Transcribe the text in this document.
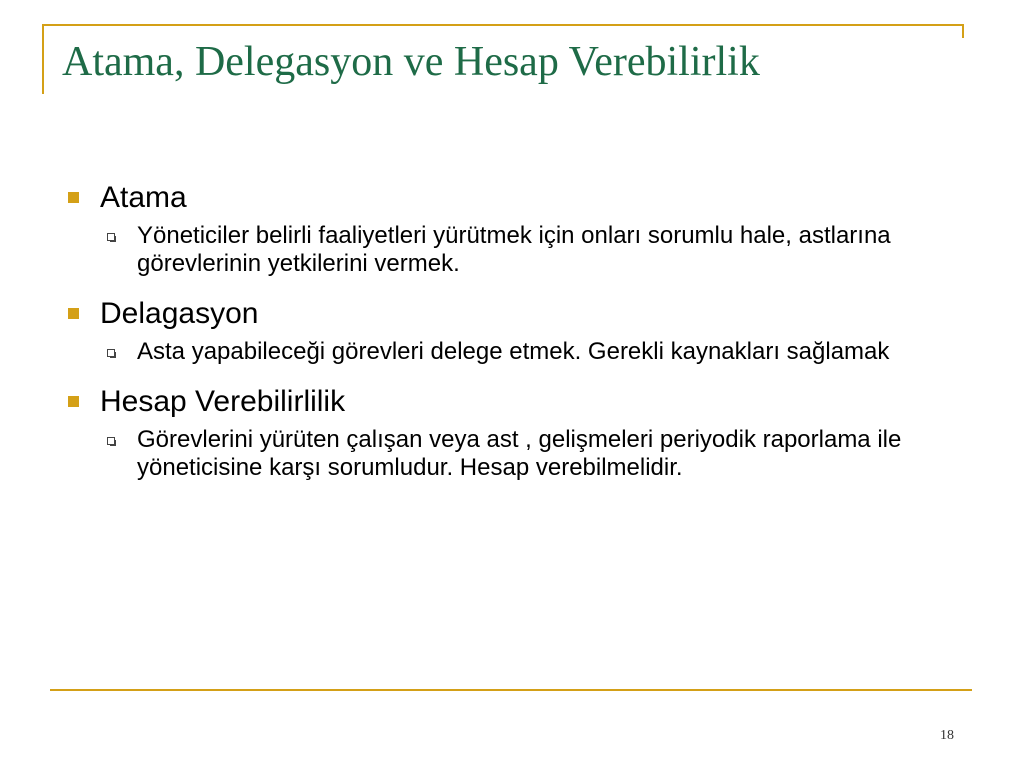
Atama, Delegasyon ve Hesap Verebilirlik
Atama
Yöneticiler belirli faaliyetleri yürütmek için onları sorumlu hale, astlarına görevlerinin yetkilerini vermek.
Delagasyon
Asta yapabileceği görevleri delege etmek. Gerekli kaynakları sağlamak
Hesap Verebilirlilik
Görevlerini yürüten çalışan veya ast , gelişmeleri periyodik raporlama ile yöneticisine karşı sorumludur. Hesap verebilmelidir.
18
